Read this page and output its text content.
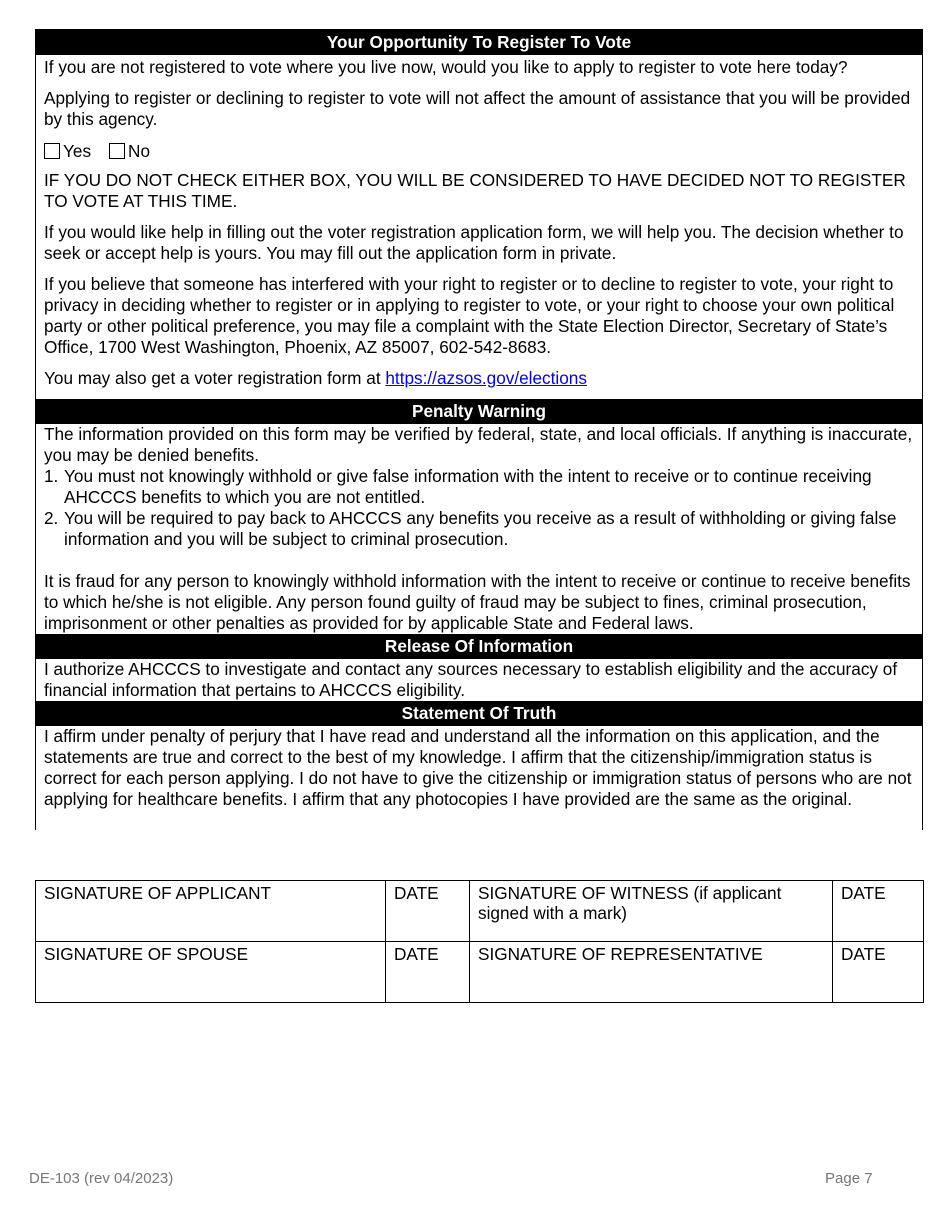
Your Opportunity To Register To Vote

If you are not registered to vote where you live now, would you like to apply to register to vote here today?

Applying to register or declining to register to vote will not affect the amount of assistance that you will be provided by this agency.

Yes No

IF YOU DO NOT CHECK EITHER BOX, YOU WILL BE CONSIDERED TO HAVE DECIDED NOT TO REGISTER TO VOTE AT THIS TIME.

If you would like help in filling out the voter registration application form, we will help you. The decision whether to seek or accept help is yours. You may fill out the application form in private.

If you believe that someone has interfered with your right to register or to decline to register to vote, your right to privacy in deciding whether to register or in applying to register to vote, or your right to choose your own political party or other political preference, you may file a complaint with the State Election Director, Secretary of State’s Office, 1700 West Washington, Phoenix, AZ 85007, 602-542-8683.

You may also get a voter registration form at https://azsos.gov/elections

Penalty Warning

The information provided on this form may be verified by federal, state, and local officials. If anything is inaccurate, you may be denied benefits.

1. You must not knowingly withhold or give false information with the intent to receive or to continue receiving AHCCCS benefits to which you are not entitled.
2. You will be required to pay back to AHCCCS any benefits you receive as a result of withholding or giving false information and you will be subject to criminal prosecution.

It is fraud for any person to knowingly withhold information with the intent to receive or continue to receive benefits to which he/she is not eligible. Any person found guilty of fraud may be subject to fines, criminal prosecution, imprisonment or other penalties as provided for by applicable State and Federal laws.

Release Of Information

I authorize AHCCCS to investigate and contact any sources necessary to establish eligibility and the accuracy of financial information that pertains to AHCCCS eligibility.

Statement Of Truth

I affirm under penalty of perjury that I have read and understand all the information on this application, and the statements are true and correct to the best of my knowledge. I affirm that the citizenship/immigration status is correct for each person applying. I do not have to give the citizenship or immigration status of persons who are not applying for healthcare benefits. I affirm that any photocopies I have provided are the same as the original.

SIGNATURE OF APPLICANT	DATE	SIGNATURE OF WITNESS (if applicant signed with a mark)	DATE
SIGNATURE OF SPOUSE	DATE	SIGNATURE OF REPRESENTATIVE	DATE
DE-103 (rev 04/2023)	Page 7
